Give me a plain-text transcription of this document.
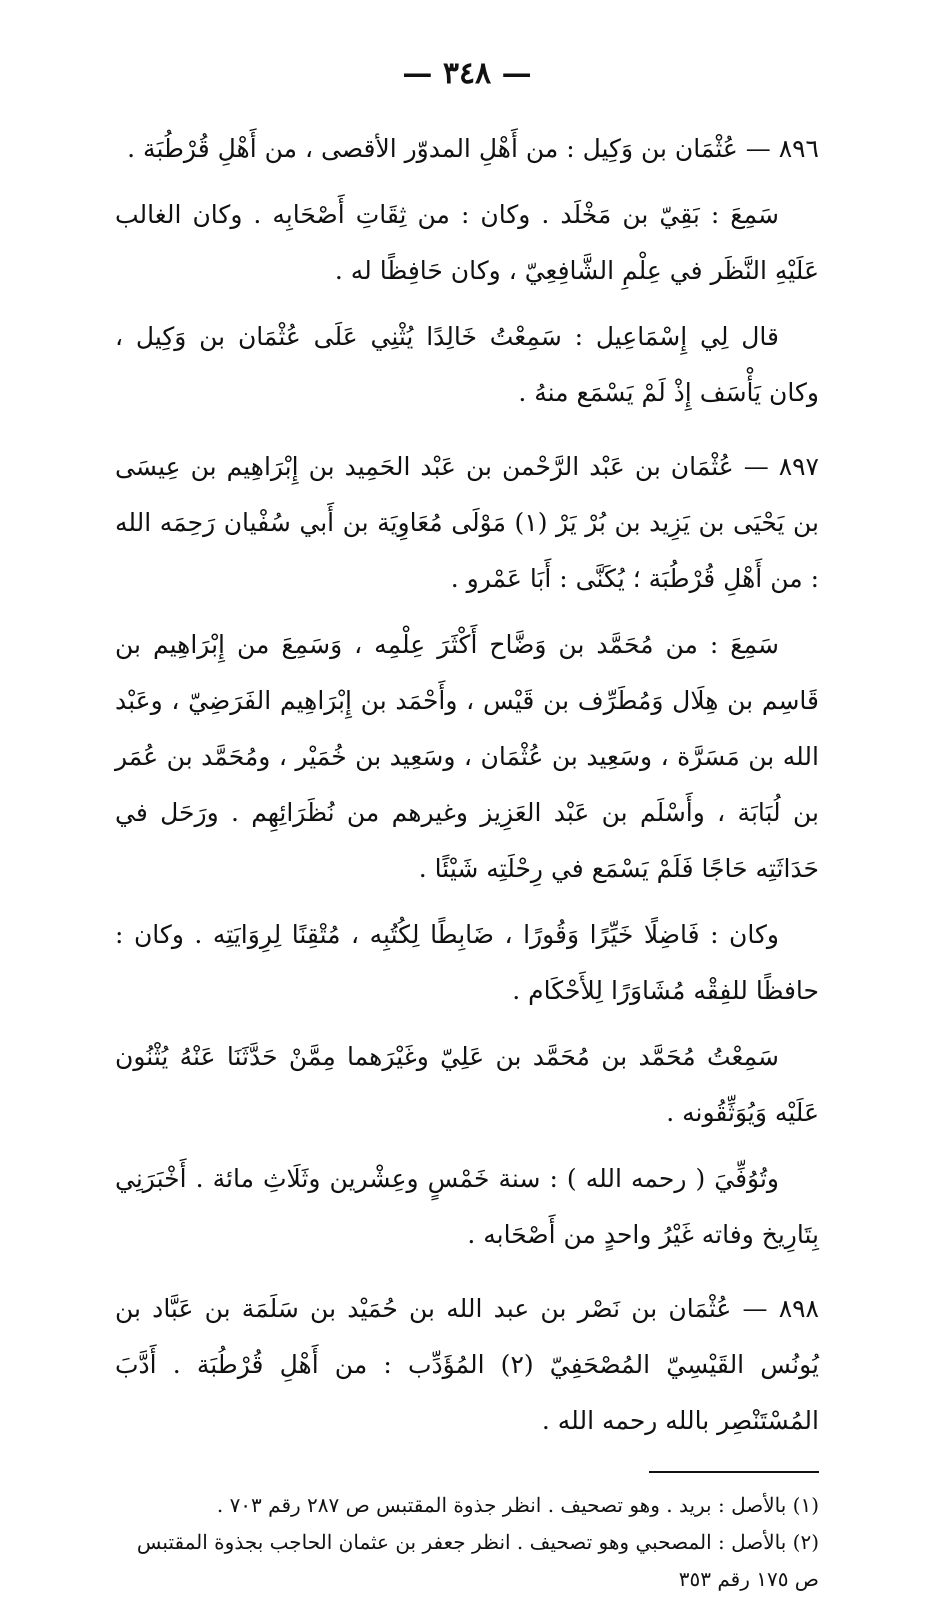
— ٣٤٨ —

٨٩٦ — عُثْمَان بن وَكِيل : من أَهْلِ المدوّر الأقصى ، من أَهْلِ قُرْطُبَة .

سَمِعَ : بَقِيّ بن مَخْلَد . وكان : من ثِقَاتِ أَصْحَابِه . وكان الغالب عَلَيْهِ النَّظَر في عِلْمِ الشَّافِعِيّ ، وكان حَافِظًا له .

قال لِي إِسْمَاعِيل : سَمِعْتُ خَالِدًا يُثْنِي عَلَى عُثْمَان بن وَكِيل ، وكان يَأْسَف إِذْ لَمْ يَسْمَع منهُ .

٨٩٧ — عُثْمَان بن عَبْد الرَّحْمن بن عَبْد الحَمِيد بن إِبْرَاهِيم بن عِيسَى بن يَحْيَى بن يَزِيد بن بُرْ يَرْ (١) مَوْلَى مُعَاوِيَة بن أَبي سُفْيان رَحِمَه الله : من أَهْلِ قُرْطُبَة ؛ يُكَنَّى : أَبَا عَمْرو .

سَمِعَ : من مُحَمَّد بن وَضَّاح أَكْثَرَ عِلْمِه ، وَسَمِعَ من إِبْرَاهِيم بن قَاسِم بن هِلَال وَمُطَرِّف بن قَيْس ، وأَحْمَد بن إِبْرَاهِيم الفَرَضِيّ ، وعَبْد الله بن مَسَرَّة ، وسَعِيد بن عُثْمَان ، وسَعِيد بن خُمَيْر ، ومُحَمَّد بن عُمَر بن لُبَابَة ، وأَسْلَم بن عَبْد العَزِيز وغيرهم من نُظَرَائِهِم . ورَحَل في حَدَاثَتِه حَاجًا فَلَمْ يَسْمَع في رِحْلَتِه شَيْئًا .

وكان : فَاضِلًا خَيِّرًا وَقُورًا ، ضَابِطًا لِكُتُبِه ، مُتْقِنًا لِرِوَايَتِه . وكان : حافظًا للفِقْه مُشَاوَرًا لِلأَحْكَام .

سَمِعْتُ مُحَمَّد بن مُحَمَّد بن عَلِيّ وغَيْرَهما مِمَّنْ حَدَّثَنَا عَنْهُ يُثْنُون عَلَيْه وَيُوَثِّقُونه .

وتُوُفِّيَ ( رحمه الله ) : سنة خَمْسٍ وعِشْرين وثَلَاثِ مائة . أَخْبَرَنِي بِتَارِيخ وفاته غَيْرُ واحدٍ من أَصْحَابه .

٨٩٨ — عُثْمَان بن نَصْر بن عبد الله بن حُمَيْد بن سَلَمَة بن عَبَّاد بن يُونُس القَيْسِيّ المُصْحَفِيّ (٢) المُؤَدِّب : من أَهْلِ قُرْطُبَة . أَدَّبَ المُسْتَنْصِر بالله رحمه الله .

(١) بالأصل : بريد . وهو تصحيف . انظر جذوة المقتبس ص ٢٨٧ رقم ٧٠٣ .

(٢) بالأصل : المصحبي وهو تصحيف . انظر جعفر بن عثمان الحاجب بجذوة المقتبس ص ١٧٥ رقم ٣٥٣
